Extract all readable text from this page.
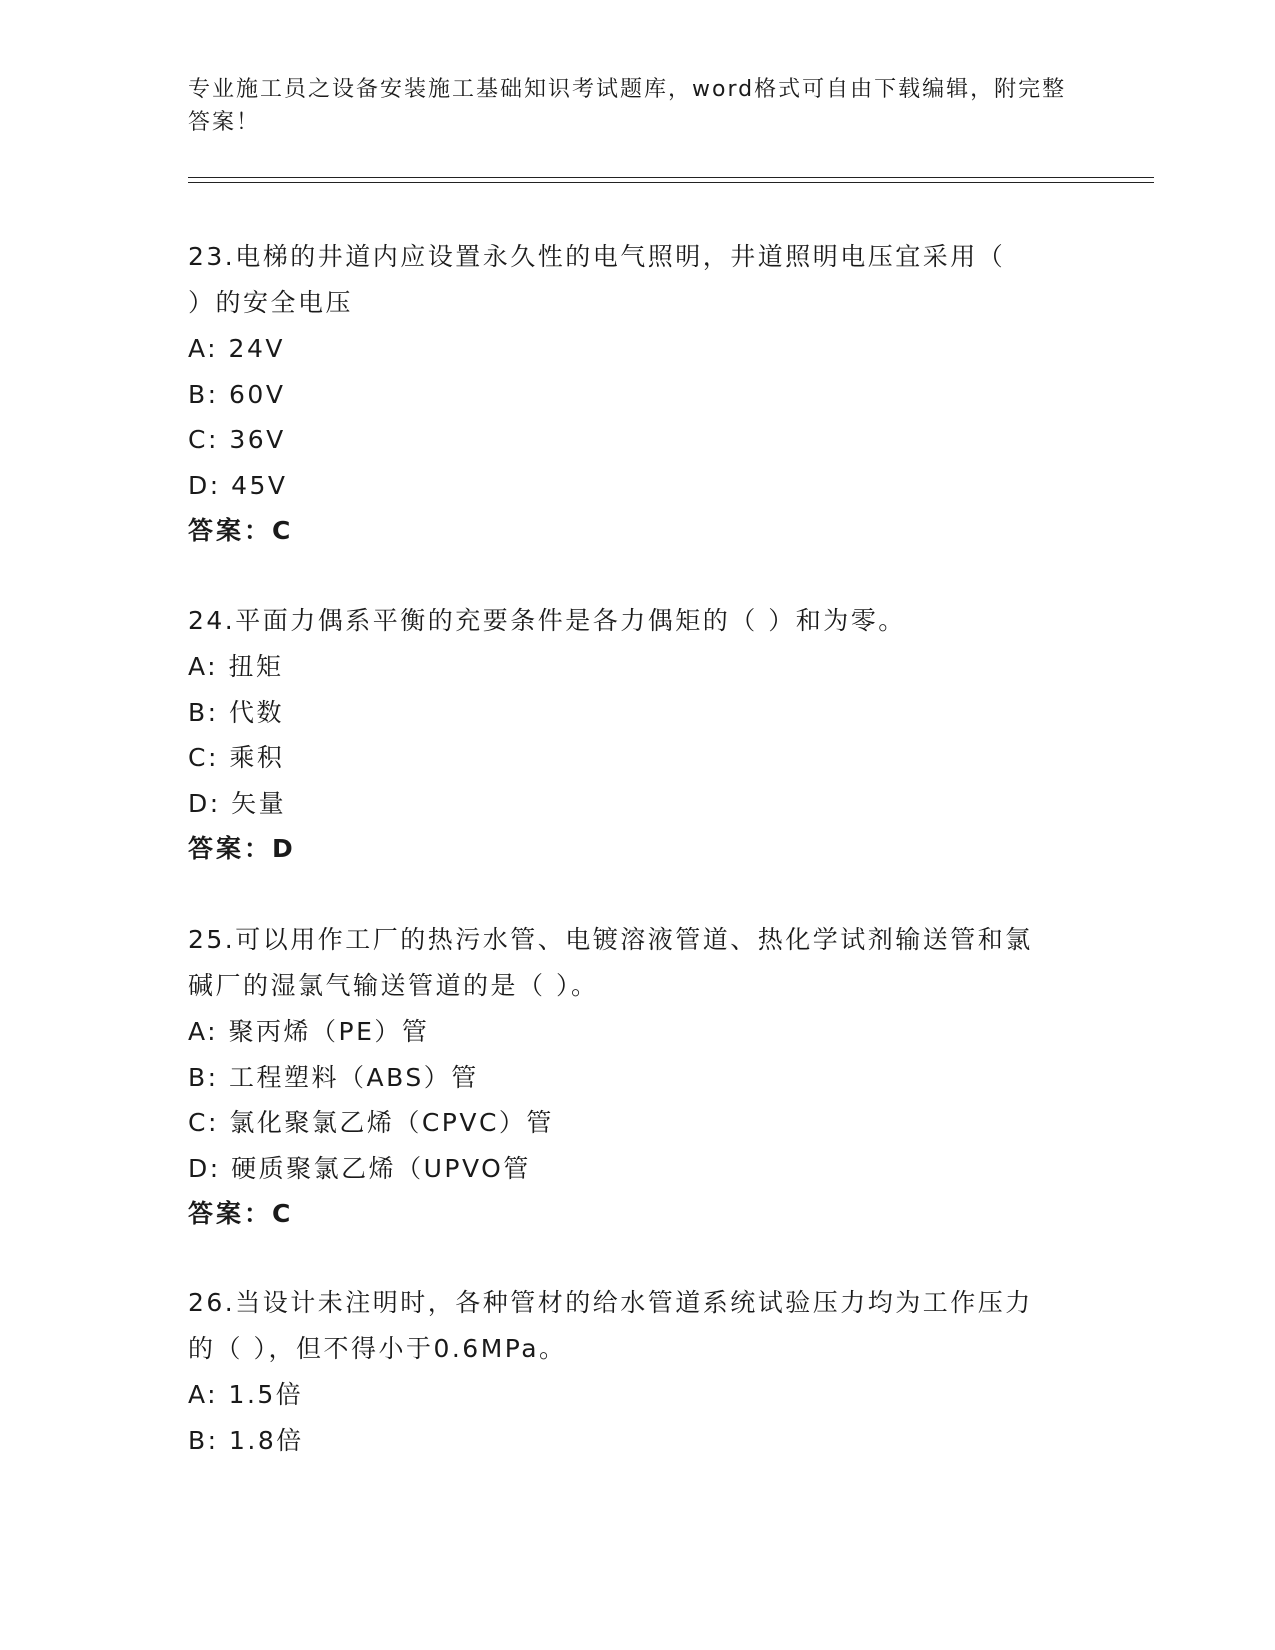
专业施工员之设备安装施工基础知识考试题库，word格式可自由下载编辑，附完整答案！

23.电梯的井道内应设置永久性的电气照明，井道照明电压宜采用（

）的安全电压

A: 24V

B: 60V

C: 36V

D: 45V

答案：C

24.平面力偶系平衡的充要条件是各力偶矩的（ ）和为零。

A: 扭矩

B: 代数

C: 乘积

D: 矢量

答案：D

25.可以用作工厂的热污水管、电镀溶液管道、热化学试剂输送管和氯

碱厂的湿氯气输送管道的是（ ）。

A: 聚丙烯（PE）管

B: 工程塑料（ABS）管

C: 氯化聚氯乙烯（CPVC）管

D: 硬质聚氯乙烯（UPVO管

答案：C

26.当设计未注明时，各种管材的给水管道系统试验压力均为工作压力

的（ ），但不得小于0.6MPa。

A: 1.5倍

B: 1.8倍
